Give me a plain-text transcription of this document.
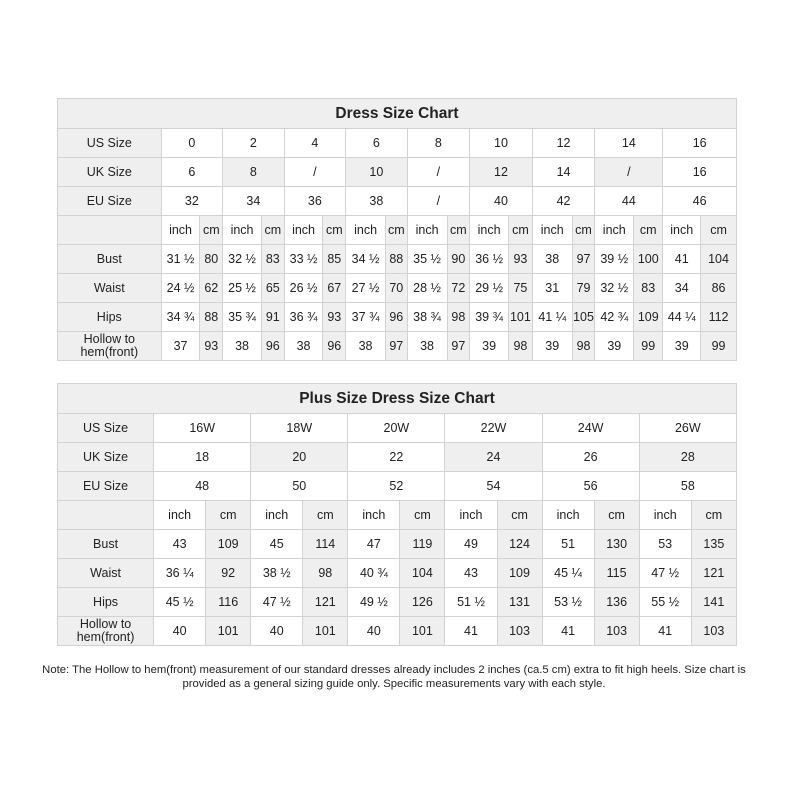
Dress Size Chart																		
US Size	0		2		4		6		8		10		12		14		16	
UK Size	6		8		/		10		/		12		14		/		16	
EU Size	32		34		36		38		/		40		42		44		46	
	inch	cm	inch	cm	inch	cm	inch	cm	inch	cm	inch	cm	inch	cm	inch	cm	inch	cm
Bust	31 ½	80	32 ½	83	33 ½	85	34 ½	88	35 ½	90	36 ½	93	38	97	39 ½	100	41	104
Waist	24 ½	62	25 ½	65	26 ½	67	27 ½	70	28 ½	72	29 ½	75	31	79	32 ½	83	34	86
Hips	34 ¾	88	35 ¾	91	36 ¾	93	37 ¾	96	38 ¾	98	39 ¾	101	41 ¼	105	42 ¾	109	44 ¼	112
Hollow to hem(front)	37	93	38	96	38	96	38	97	38	97	39	98	39	98	39	99	39	99
Plus Size Dress Size Chart												
US Size	16W		18W		20W		22W		24W		26W	
UK Size	18		20		22		24		26		28	
EU Size	48		50		52		54		56		58	
	inch	cm	inch	cm	inch	cm	inch	cm	inch	cm	inch	cm
Bust	43	109	45	114	47	119	49	124	51	130	53	135
Waist	36 ¼	92	38 ½	98	40 ¾	104	43	109	45 ¼	115	47 ½	121
Hips	45 ½	116	47 ½	121	49 ½	126	51 ½	131	53 ½	136	55 ½	141
Hollow to hem(front)	40	101	40	101	40	101	41	103	41	103	41	103
Note: The Hollow to hem(front) measurement of our standard dresses already includes 2 inches (ca.5 cm) extra to fit high heels. Size chart is provided as a general sizing guide only. Specific measurements vary with each style.
